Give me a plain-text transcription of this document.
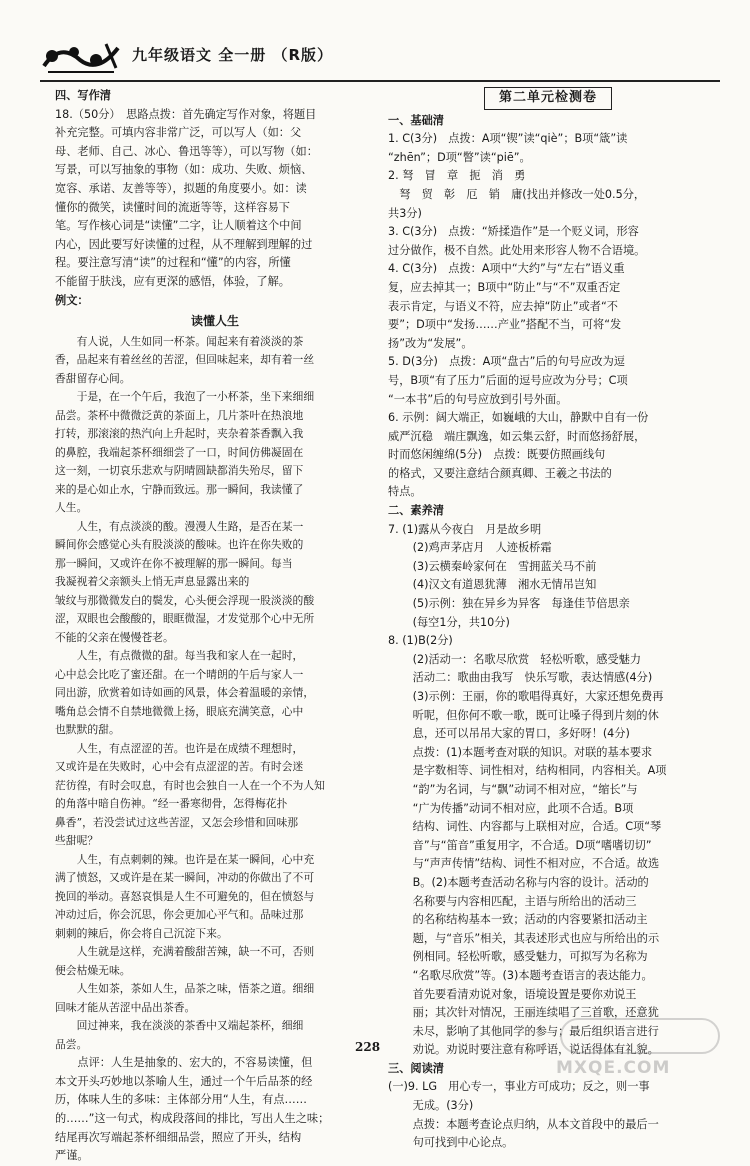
九年级语文 全一册 （R版）
四、写作清
18.（50分）　思路点拨：首先确定写作对象，将题目
补充完整。可填内容非常广泛，可以写人（如：父
母、老师、自己、冰心、鲁迅等等），可以写物（如：
写景，可以写抽象的事物（如：成功、失败、烦恼、
宽容、承诺、友善等等），拟题的角度要小。如：读
懂你的微笑，读懂时间的流逝等等，这样容易下
笔。写作核心词是“读懂”二字，让人顺着这个中间
内心，因此要写好读懂的过程，从不理解到理解的过
程。要注意写清“读”的过程和“懂”的内容，所懂
不能留于肤浅，应有更深的感悟，体验，了解。
例文：
读懂人生
　　有人说，人生如同一杯茶。闻起来有着淡淡的茶
香，品起来有着丝丝的苦涩，但回味起来，却有着一丝
香甜留存心间。
　　于是，在一个午后，我泡了一小杯茶，坐下来细细
品尝。茶杯中微微泛黄的茶面上，几片茶叶在热浪地
打转，那滚滚的热汽向上升起时，夹杂着茶香飘入我
的鼻腔，我端起茶杯细细尝了一口，时间仿佛凝固在
这一刻，一切哀乐悲欢与阴晴圆缺都消失殆尽，留下
来的是心如止水，宁静而致远。那一瞬间，我读懂了
人生。
　　人生，有点淡淡的酸。漫漫人生路，是否在某一
瞬间你会感觉心头有股淡淡的酸味。也许在你失败的
那一瞬间，又或许在你不被理解的那一瞬间。每当
我凝视着父亲额头上悄无声息显露出来的
皱纹与那微微发白的鬓发，心头便会浮现一股淡淡的酸
涩，双眼也会酸酸的，眼眶微湿，才发觉那个心中无所
不能的父亲在慢慢苍老。
　　人生，有点微微的甜。每当我和家人在一起时，
心中总会比吃了蜜还甜。在一个晴朗的午后与家人一
同出游，欣赏着如诗如画的风景，体会着温暖的亲情，
嘴角总会情不自禁地微微上扬，眼底充满笑意，心中
也默默的甜。
　　人生，有点涩涩的苦。也许是在成绩不理想时，
又或许是在失败时，心中会有点涩涩的苦。有时会迷
茫彷徨，有时会叹息，有时也会独自一人在一个不为人知
的角落中暗自伤神。“经一番寒彻骨，怎得梅花扑
鼻香”，若没尝试过这些苦涩，又怎会珍惜和回味那
些甜呢？
　　人生，有点刺刺的辣。也许是在某一瞬间，心中充
满了愤怒，又或许是在某一瞬间，冲动的你做出了不可
挽回的举动。喜怒哀惧是人生不可避免的，但在愤怒与
冲动过后，你会沉思，你会更加心平气和。品味过那
刺刺的辣后，你会将自己沉淀下来。
　　人生就是这样，充满着酸甜苦辣，缺一不可，否则
便会枯燥无味。
　　人生如茶，茶如人生，品茶之味，悟茶之道。细细
回味才能从苦涩中品出茶香。
　　回过神来，我在淡淡的茶香中又端起茶杯，细细
品尝。
　　点评：人生是抽象的、宏大的，不容易读懂，但
本文开头巧妙地以茶喻人生，通过一个午后品茶的经
历，体味人生的多味：主体部分用“人生，有点……
的……”这一句式，构成段落间的排比，写出人生之味；
结尾再次写端起茶杯细细品尝，照应了开头，结构
严谨。
第二单元检测卷
一、基础清
1. C(3分)　点拨：A项“锲”读“qiè”；B项“箴”读
“zhēn”；D项“瞥”读“piē”。
2. 弩　冒　章　扼　消　勇
　弩　贸　彰　厄　销　庸(找出并修改一处0.5分，
共3分)
3. C(3分)　点拨：“矫揉造作”是一个贬义词，形容
过分做作，极不自然。此处用来形容人物不合语境。
4. C(3分)　点拨：A项中“大约”与“左右”语义重
复，应去掉其一；B项中“防止”与“不”双重否定
表示肯定，与语义不符，应去掉“防止”或者“不
要”；D项中“发扬……产业”搭配不当，可将“发
扬”改为“发展”。
5. D(3分)　点拨：A项“盘古”后的句号应改为逗
号，B项“有了压力”后面的逗号应改为分号；C项
“一本书”后的句号应放到引号外面。
6. 示例：阔大端正，如巍峨的大山，静默中自有一份
威严沉稳　端庄飘逸，如云集云舒，时而悠扬舒展，
时而悠闲缠绵(5分)　点拨：既要仿照画线句
的格式，又要注意结合颜真卿、王羲之书法的
特点。
二、素养清
7. (1)露从今夜白　月是故乡明
(2)鸡声茅店月　人迹板桥霜
(3)云横秦岭家何在　雪拥蓝关马不前
(4)汉文有道恩犹薄　湘水无情吊岂知
(5)示例：独在异乡为异客　每逢佳节倍思亲
(每空1分，共10分)
8. (1)B(2分)
(2)活动一：名歌尽欣赏　轻松听歌，感受魅力
活动二：歌曲由我写　快乐写歌，表达情感(4分)
(3)示例：王丽，你的歌唱得真好，大家还想免费再
听呢，但你何不歌一歌，既可让嗓子得到片刻的休
息，还可以吊吊大家的胃口，多好呀！(4分)
点拨：(1)本题考查对联的知识。对联的基本要求
是字数相等、词性相对，结构相同，内容相关。A项
“韵”为名词，与“飘”动词不相对应，“缩长”与
“广为传播”动词不相对应，此项不合适。B项
结构、词性、内容都与上联相对应，合适。C项“琴
音”与“笛音”重复用字，不合适。D项“嗜嗜切切”
与“声声传情”结构、词性不相对应，不合适。故选
B。(2)本题考查活动名称与内容的设计。活动的
名称要与内容相匹配，主语与所给出的活动三
的名称结构基本一致；活动的内容要紧扣活动主
题，与“音乐”相关，其表述形式也应与所给出的示
例相同。轻松听歌，感受魅力，可拟写为名称为
“名歌尽欣赏”等。(3)本题考查语言的表达能力。
首先要看清劝说对象，语境设置是要你劝说王
丽；其次针对情况，王丽连续唱了三首歌，还意犹
未尽，影响了其他同学的参与；最后组织语言进行
劝说。劝说时要注意有称呼语，说话得体有礼貌。
三、阅读清
(一)9. LG　用心专一，事业方可成功；反之，则一事
无成。(3分)
点拨：本题考查论点归纳，从本文首段中的最后一
句可找到中心论点。
228
MXQE.COM
